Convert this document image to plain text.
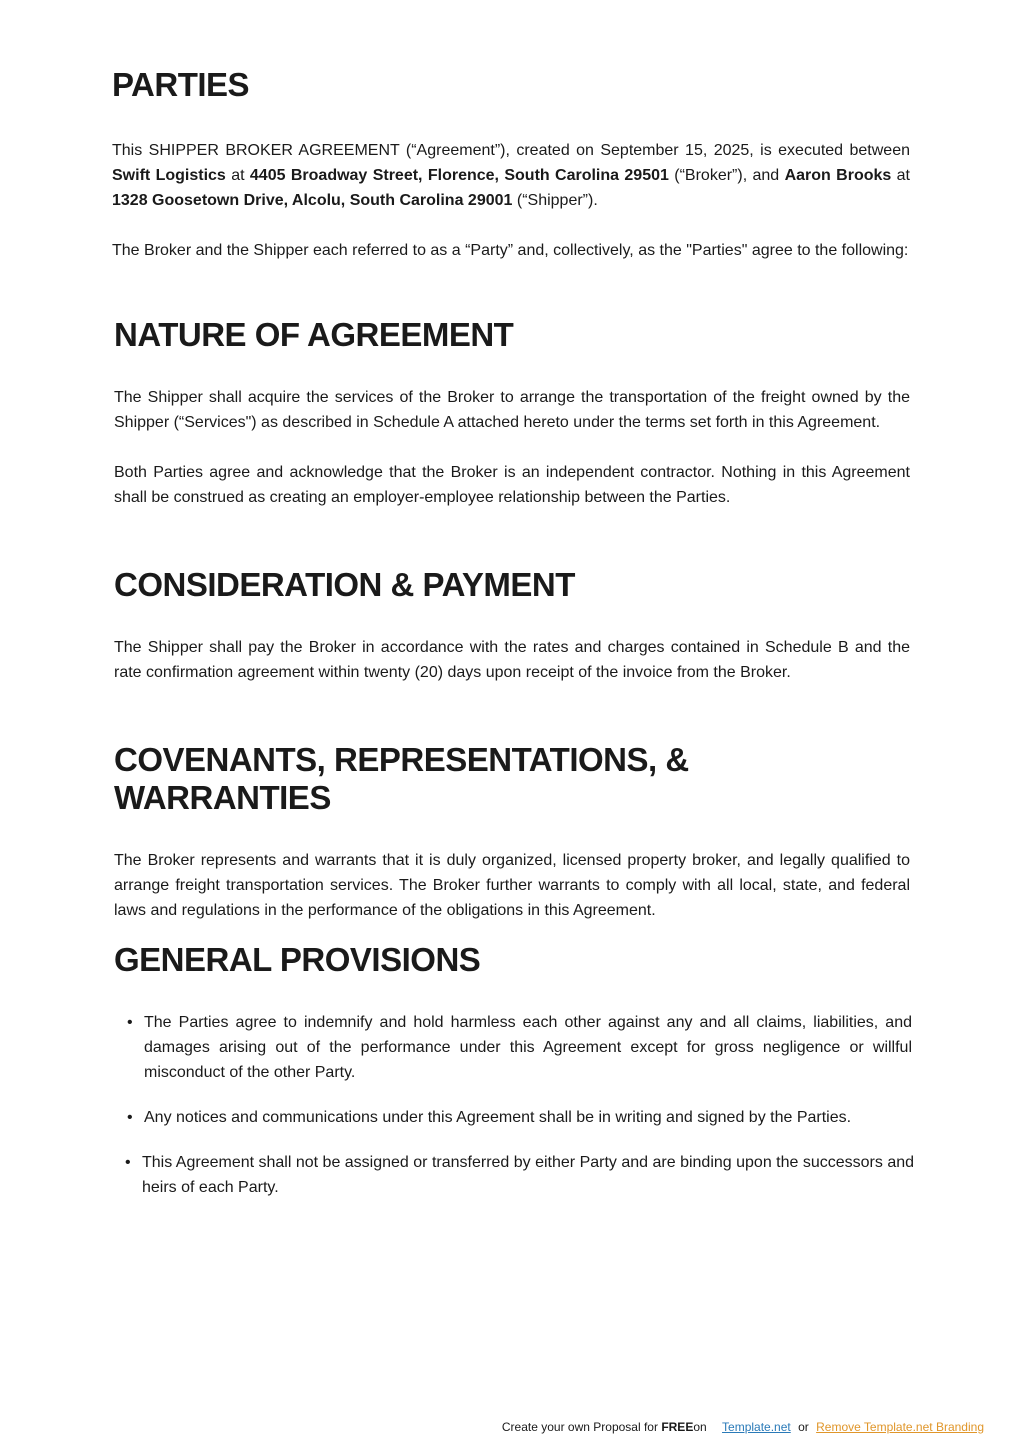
PARTIES

This SHIPPER BROKER AGREEMENT (“Agreement”), created on September 15, 2025, is executed between Swift Logistics at 4405 Broadway Street, Florence, South Carolina 29501 (“Broker”), and Aaron Brooks at 1328 Goosetown Drive, Alcolu, South Carolina 29001 (“Shipper”).

The Broker and the Shipper each referred to as a “Party” and, collectively, as the "Parties" agree to the following:

NATURE OF AGREEMENT

The Shipper shall acquire the services of the Broker to arrange the transportation of the freight owned by the Shipper (“Services") as described in Schedule A attached hereto under the terms set forth in this Agreement.

Both Parties agree and acknowledge that the Broker is an independent contractor. Nothing in this Agreement shall be construed as creating an employer-employee relationship between the Parties.

CONSIDERATION & PAYMENT

The Shipper shall pay the Broker in accordance with the rates and charges contained in Schedule B and the rate confirmation agreement within twenty (20) days upon receipt of the invoice from the Broker.

COVENANTS, REPRESENTATIONS, & WARRANTIES

The Broker represents and warrants that it is duly organized, licensed property broker, and legally qualified to arrange freight transportation services. The Broker further warrants to comply with all local, state, and federal laws and regulations in the performance of the obligations in this Agreement.

GENERAL PROVISIONS
• The Parties agree to indemnify and hold harmless each other against any and all claims, liabilities, and damages arising out of the performance under this Agreement except for gross negligence or willful misconduct of the other Party.
• Any notices and communications under this Agreement shall be in writing and signed by the Parties.
• This Agreement shall not be assigned or transferred by either Party and are binding upon the successors and heirs of each Party.
Create your own Proposal for FREEon Template.net or Remove Template.net Branding
